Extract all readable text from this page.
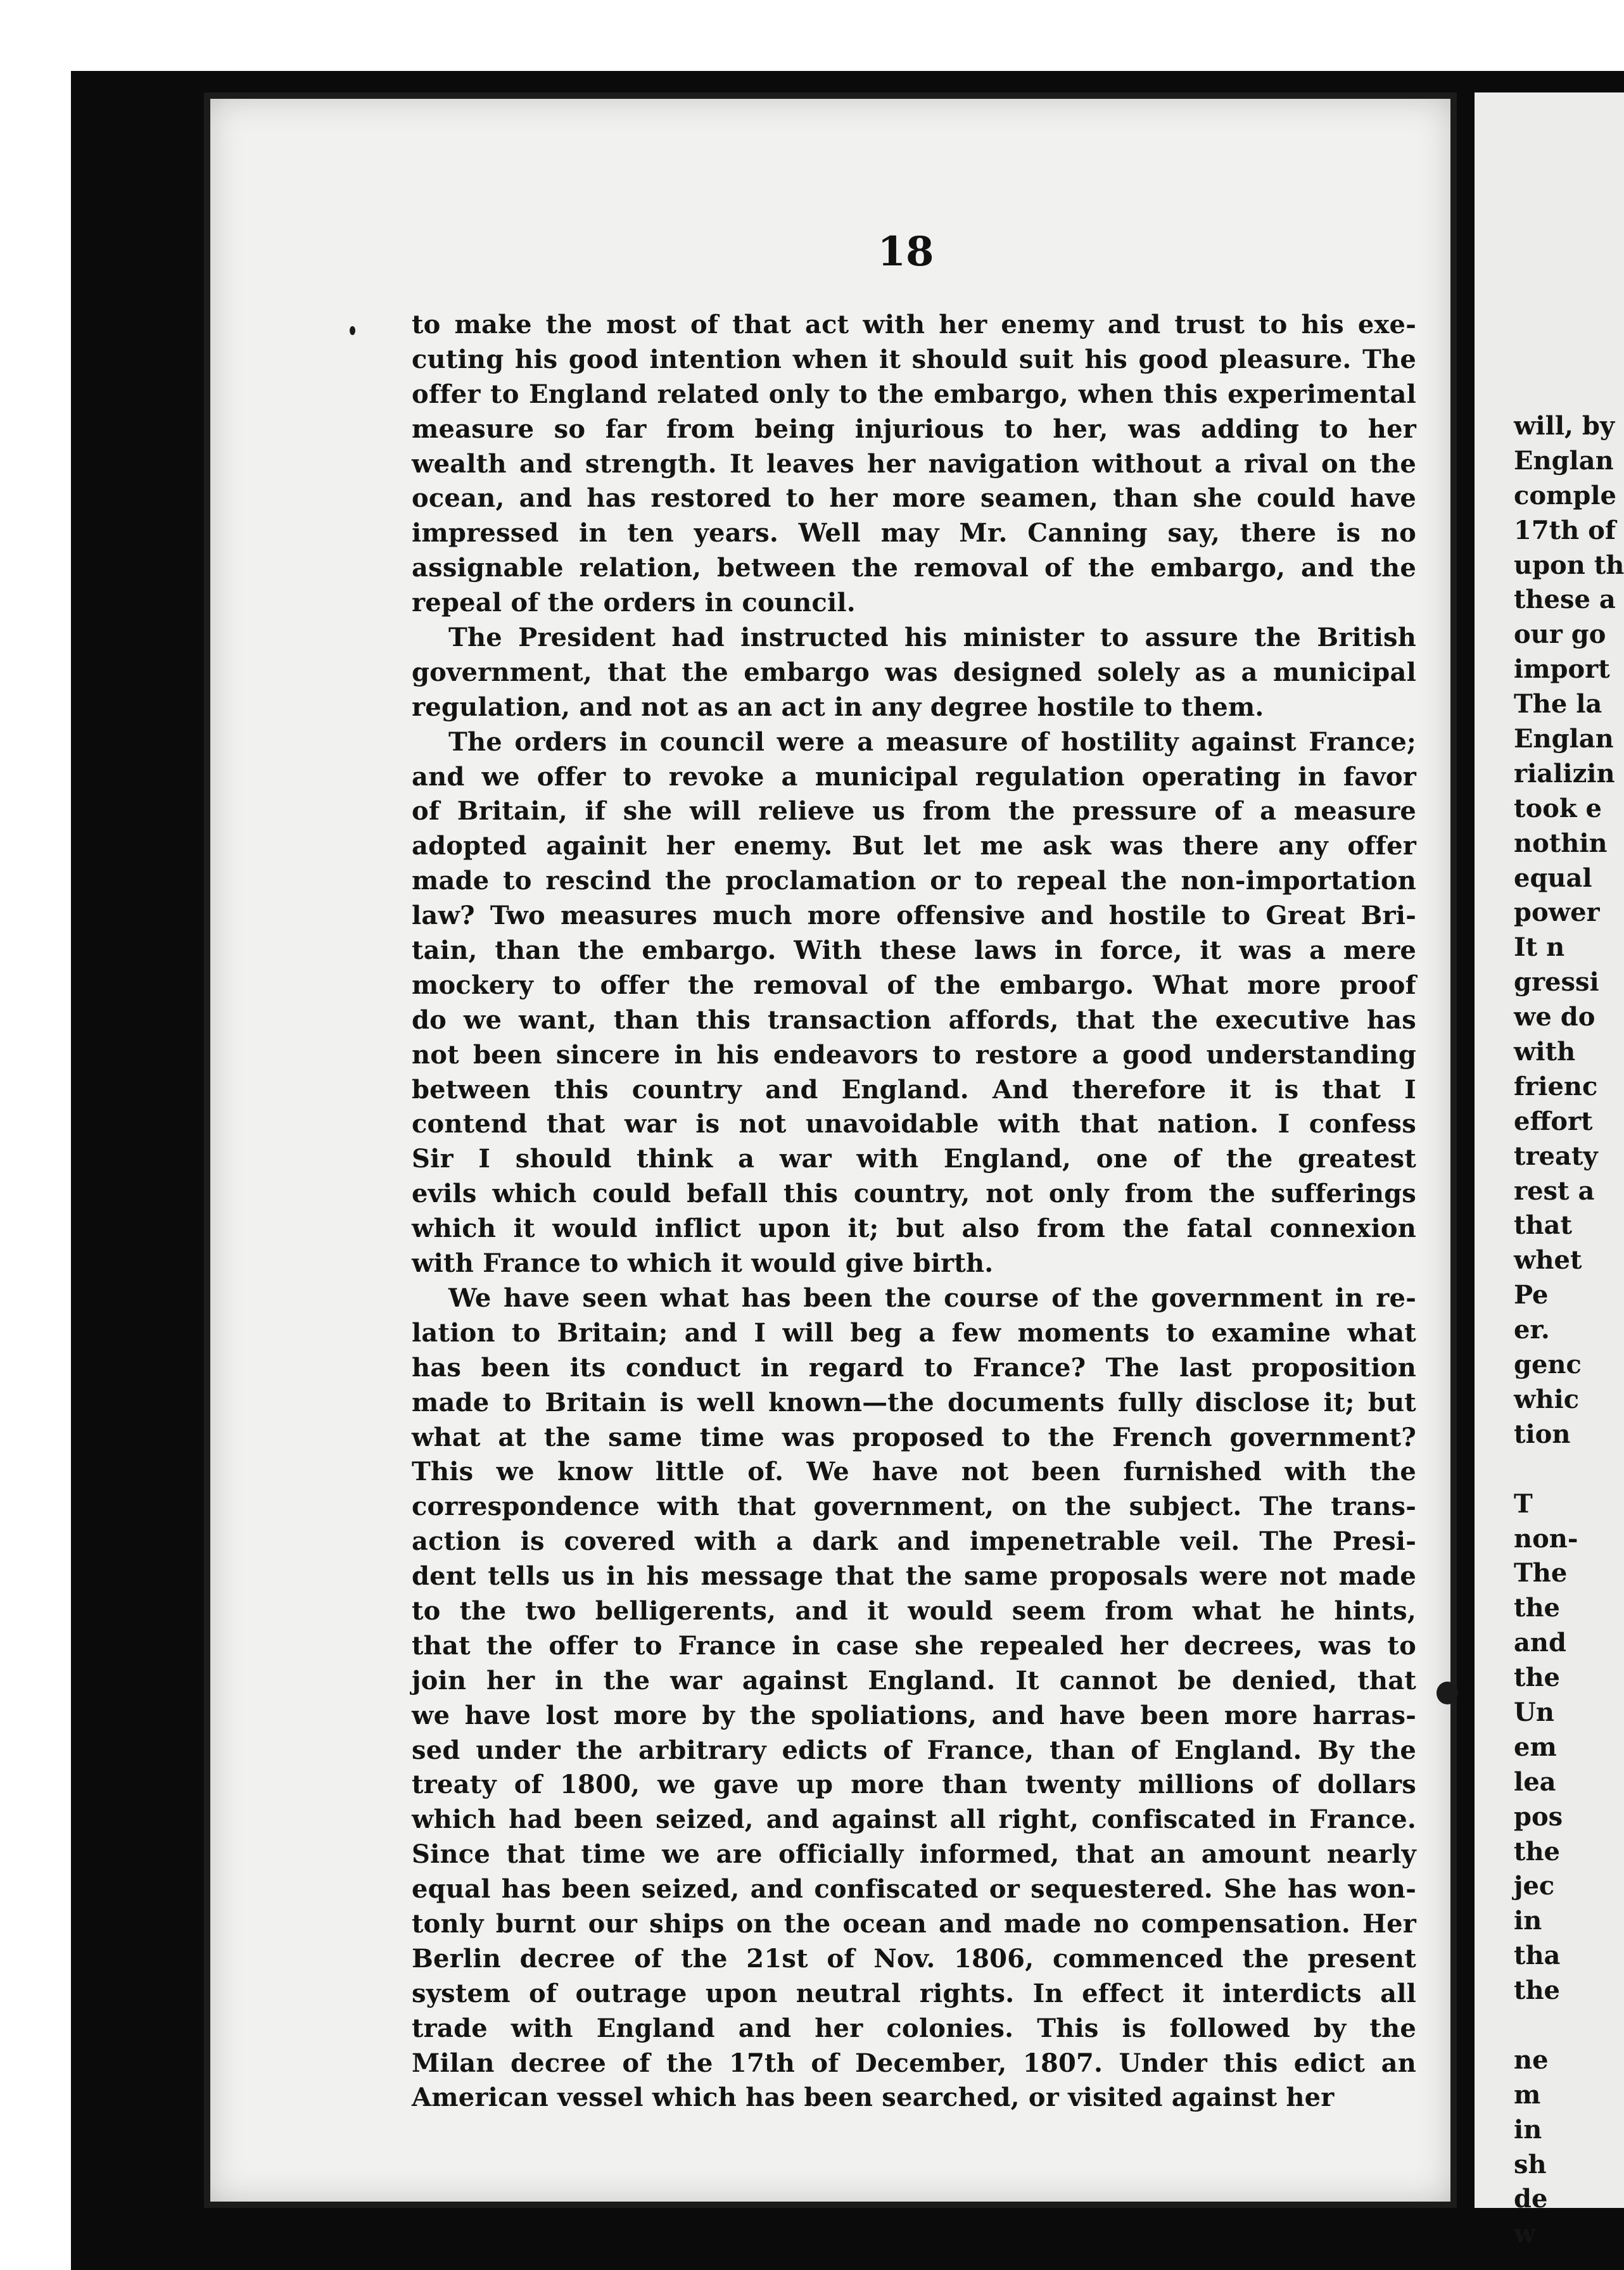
will, by
Englan
comple
17th of
upon th
these a
our go
import
The la
Englan
rializin
took e
nothin
equal
power
It n
gressi
we do
with
frienc
effort
treaty
rest a
that
whet
Pe
er.
genc
whic
tion
T
non-
The
the
and
the
Un
em
lea
pos
the
jec
in
tha
the
ne
m
in
sh
de
w
18
to make the most of that act with her enemy and trust to his exe-
cuting his good intention when it should suit his good pleasure. The
offer to England related only to the embargo, when this experimental
measure so far from being injurious to her, was adding to her
wealth and strength. It leaves her navigation without a rival on the
ocean, and has restored to her more seamen, than she could have
impressed in ten years. Well may Mr. Canning say, there is no
assignable relation, between the removal of the embargo, and the
repeal of the orders in council.
The President had instructed his minister to assure the British
government, that the embargo was designed solely as a municipal
regulation, and not as an act in any degree hostile to them.
The orders in council were a measure of hostility against France;
and we offer to revoke a municipal regulation operating in favor
of Britain, if she will relieve us from the pressure of a measure
adopted againit her enemy. But let me ask was there any offer
made to rescind the proclamation or to repeal the non-importation
law? Two measures much more offensive and hostile to Great Bri-
tain, than the embargo. With these laws in force, it was a mere
mockery to offer the removal of the embargo. What more proof
do we want, than this transaction affords, that the executive has
not been sincere in his endeavors to restore a good understanding
between this country and England. And therefore it is that I
contend that war is not unavoidable with that nation. I confess
Sir I should think a war with England, one of the greatest
evils which could befall this country, not only from the sufferings
which it would inflict upon it; but also from the fatal connexion
with France to which it would give birth.
We have seen what has been the course of the government in re-
lation to Britain; and I will beg a few moments to examine what
has been its conduct in regard to France? The last proposition
made to Britain is well known—the documents fully disclose it; but
what at the same time was proposed to the French government?
This we know little of. We have not been furnished with the
correspondence with that government, on the subject. The trans-
action is covered with a dark and impenetrable veil. The Presi-
dent tells us in his message that the same proposals were not made
to the two belligerents, and it would seem from what he hints,
that the offer to France in case she repealed her decrees, was to
join her in the war against England. It cannot be denied, that
we have lost more by the spoliations, and have been more harras-
sed under the arbitrary edicts of France, than of England. By the
treaty of 1800, we gave up more than twenty millions of dollars
which had been seized, and against all right, confiscated in France.
Since that time we are officially informed, that an amount nearly
equal has been seized, and confiscated or sequestered. She has won-
tonly burnt our ships on the ocean and made no compensation. Her
Berlin decree of the 21st of Nov. 1806, commenced the present
system of outrage upon neutral rights. In effect it interdicts all
trade with England and her colonies. This is followed by the
Milan decree of the 17th of December, 1807. Under this edict an
American vessel which has been searched, or visited against her
